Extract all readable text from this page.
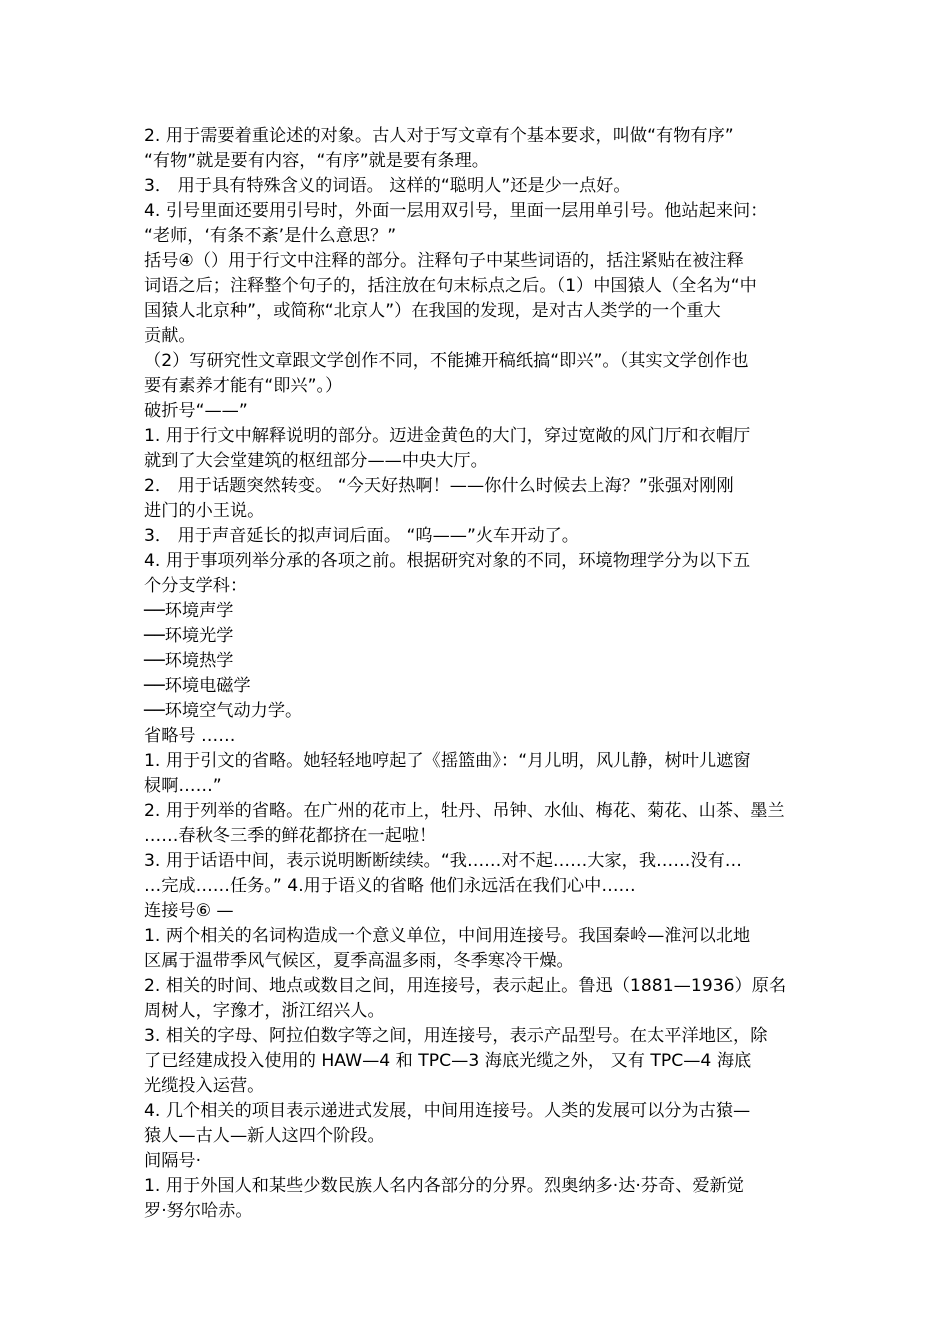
2. 用于需要着重论述的对象。古人对于写文章有个基本要求，叫做“有物有序”
“有物”就是要有内容，“有序”就是要有条理。
3． 用于具有特殊含义的词语。 这样的“聪明人”还是少一点好。
4. 引号里面还要用引号时，外面一层用双引号，里面一层用单引号。他站起来问：
“老师，‘有条不紊’是什么意思？”
括号④（）用于行文中注释的部分。注释句子中某些词语的，括注紧贴在被注释
词语之后；注释整个句子的，括注放在句末标点之后。（1）中国猿人（全名为“中
国猿人北京种”，或简称“北京人”）在我国的发现，是对古人类学的一个重大
贡献。
（2）写研究性文章跟文学创作不同，不能摊开稿纸搞“即兴”。（其实文学创作也
要有素养才能有“即兴”。）
破折号“——”
1. 用于行文中解释说明的部分。迈进金黄色的大门，穿过宽敞的风门厅和衣帽厅
就到了大会堂建筑的枢纽部分——中央大厅。
2． 用于话题突然转变。 “今天好热啊！——你什么时候去上海？”张强对刚刚
进门的小王说。
3． 用于声音延长的拟声词后面。 “呜——”火车开动了。
4. 用于事项列举分承的各项之前。根据研究对象的不同，环境物理学分为以下五
个分支学科：
──环境声学
──环境光学
──环境热学
──环境电磁学
──环境空气动力学。
省略号 ……
1. 用于引文的省略。她轻轻地哼起了《摇篮曲》：“月儿明，风儿静，树叶儿遮窗
棂啊……”
2. 用于列举的省略。在广州的花市上，牡丹、吊钟、水仙、梅花、菊花、山茶、墨兰
……春秋冬三季的鲜花都挤在一起啦！
3. 用于话语中间，表示说明断断续续。“我……对不起……大家，我……没有…
…完成……任务。” 4.用于语义的省略 他们永远活在我们心中……
连接号⑥ —
1. 两个相关的名词构造成一个意义单位，中间用连接号。我国秦岭—淮河以北地
区属于温带季风气候区，夏季高温多雨，冬季寒冷干燥。
2. 相关的时间、地点或数目之间，用连接号，表示起止。鲁迅（1881—1936）原名
周树人，字豫才，浙江绍兴人。
3. 相关的字母、阿拉伯数字等之间，用连接号，表示产品型号。在太平洋地区，除
了已经建成投入使用的 HAW—4 和 TPC—3 海底光缆之外， 又有 TPC—4 海底
光缆投入运营。
4. 几个相关的项目表示递进式发展，中间用连接号。人类的发展可以分为古猿—
猿人—古人—新人这四个阶段。
间隔号·
1. 用于外国人和某些少数民族人名内各部分的分界。烈奥纳多·达·芬奇、爱新觉
罗·努尔哈赤。
